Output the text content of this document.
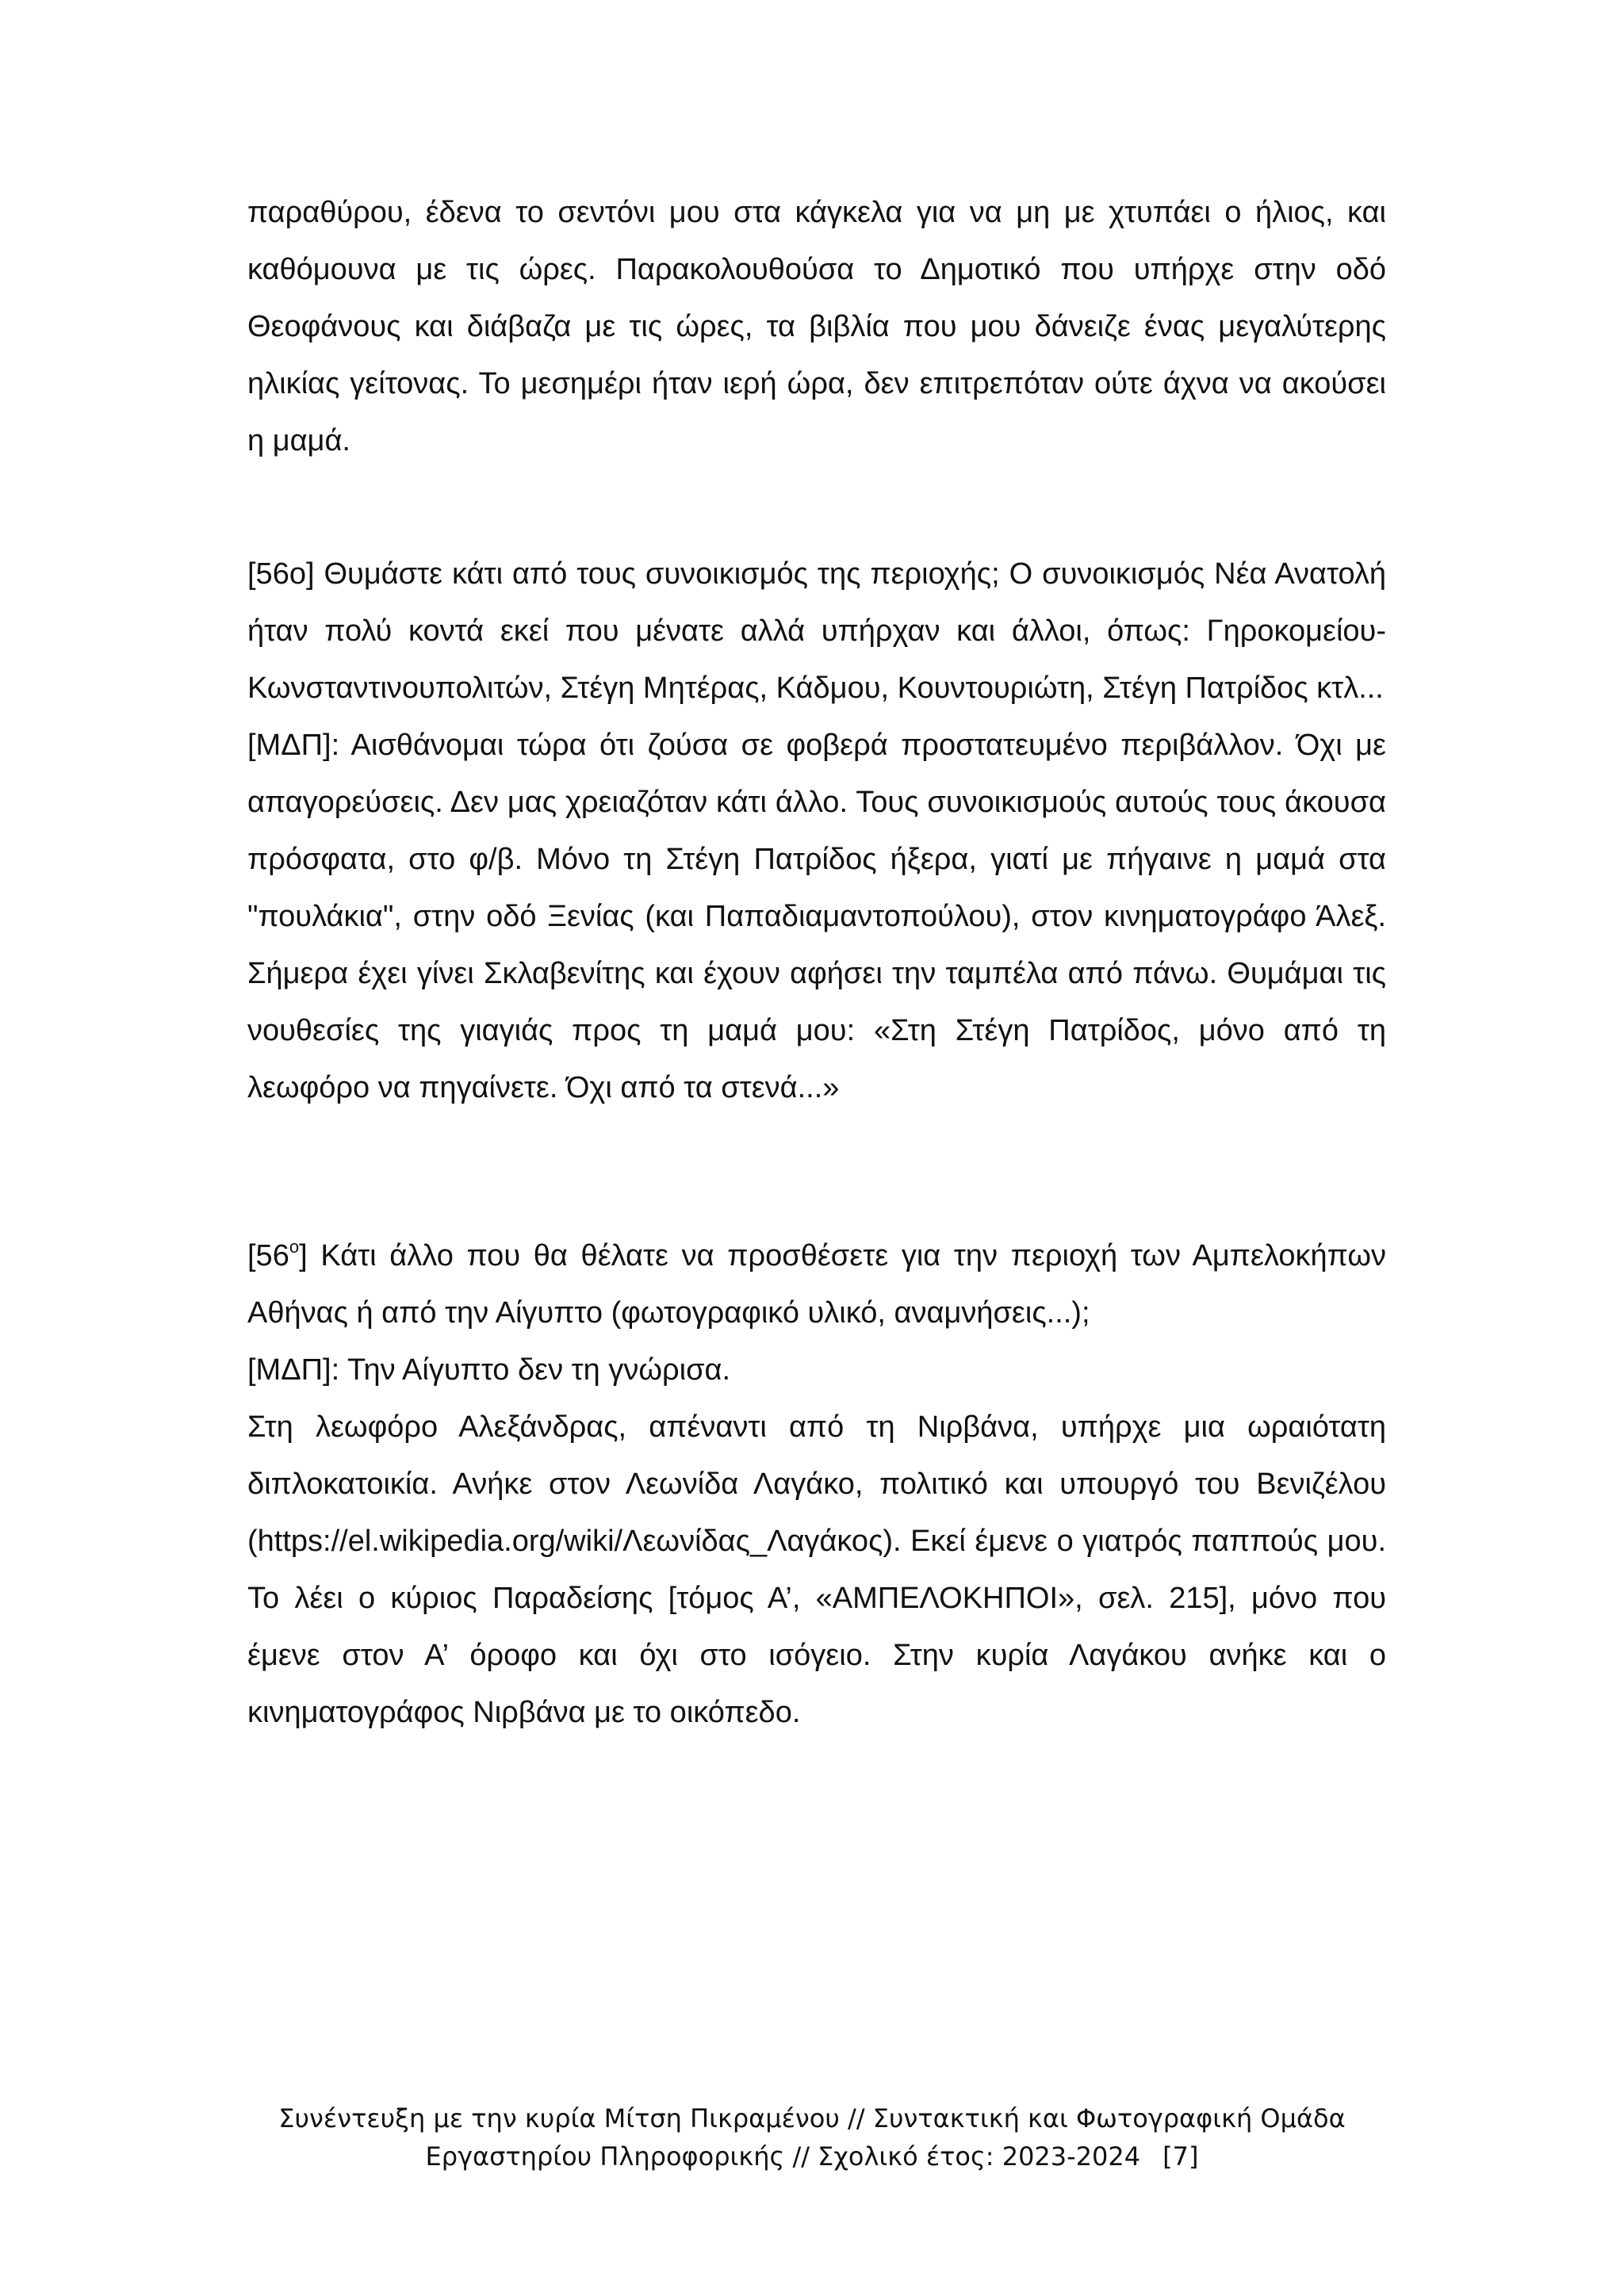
παραθύρου, έδενα το σεντόνι μου στα κάγκελα για να μη με χτυπάει ο ήλιος, και καθόμουνα με τις ώρες. Παρακολουθούσα το Δημοτικό που υπήρχε στην οδό Θεοφάνους και διάβαζα με τις ώρες, τα βιβλία που μου δάνειζε ένας μεγαλύτερης ηλικίας γείτονας. Το μεσημέρι ήταν ιερή ώρα, δεν επιτρεπόταν ούτε άχνα να ακούσει η μαμά.

[56ο] Θυμάστε κάτι από τους συνοικισμός της περιοχής; Ο συνοικισμός Νέα Ανατολή ήταν πολύ κοντά εκεί που μένατε αλλά υπήρχαν και άλλοι, όπως: Γηροκομείου-Κωνσταντινουπολιτών, Στέγη Μητέρας, Κάδμου, Κουντουριώτη, Στέγη Πατρίδος κτλ...

[ΜΔΠ]: Αισθάνομαι τώρα ότι ζούσα σε φοβερά προστατευμένο περιβάλλον. Όχι με απαγορεύσεις. Δεν μας χρειαζόταν κάτι άλλο. Τους συνοικισμούς αυτούς τους άκουσα πρόσφατα, στο φ/β. Μόνο τη Στέγη Πατρίδος ήξερα, γιατί με πήγαινε η μαμά στα "πουλάκια", στην οδό Ξενίας (και Παπαδιαμαντοπούλου), στον κινηματογράφο Άλεξ. Σήμερα έχει γίνει Σκλαβενίτης και έχουν αφήσει την ταμπέλα από πάνω. Θυμάμαι τις νουθεσίες της γιαγιάς προς τη μαμά μου: «Στη Στέγη Πατρίδος, μόνο από τη λεωφόρο να πηγαίνετε. Όχι από τα στενά...»

$[56^o]$ Κάτι άλλο που θα θέλατε να προσθέσετε για την περιοχή των Αμπελοκήπων Αθήνας ή από την Αίγυπτο (φωτογραφικό υλικό, αναμνήσεις...);

[ΜΔΠ]: Την Αίγυπτο δεν τη γνώρισα.

Στη λεωφόρο Αλεξάνδρας, απέναντι από τη Νιρβάνα, υπήρχε μια ωραιότατη διπλοκατοικία. Ανήκε στον Λεωνίδα Λαγάκο, πολιτικό και υπουργό του Βενιζέλου (https://el.wikipedia.org/wiki/Λεωνίδας_Λαγάκος). Εκεί έμενε ο γιατρός παππούς μου. Το λέει ο κύριος Παραδείσης [τόμος Α’, «ΑΜΠΕΛΟΚΗΠΟΙ», σελ. 215], μόνο που έμενε στον Α’ όροφο και όχι στο ισόγειο. Στην κυρία Λαγάκου ανήκε και ο κινηματογράφος Νιρβάνα με το οικόπεδο.

Συνέντευξη με την κυρία Μίτση Πικραμένου // Συντακτική και Φωτογραφική Ομάδα
Εργαστηρίου Πληροφορικής // Σχολικό έτος: 2023-2024 [7]
